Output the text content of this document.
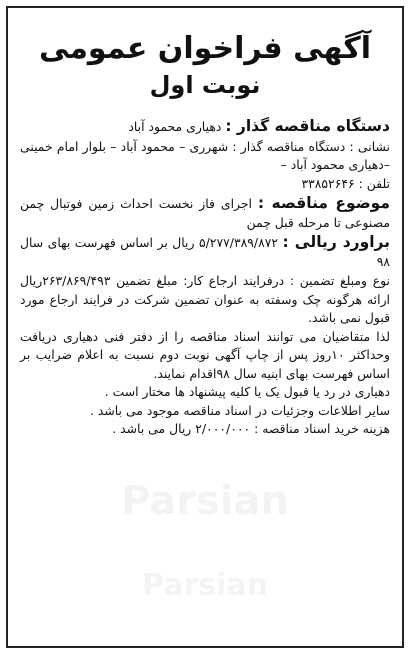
Parsian
Parsian
آگهی فراخوان عمومی
نوبت اول

دستگاه مناقصه گذار : دهیاری محمود آباد

نشانی : دستگاه مناقصه گذار : شهرری – محمود آباد – بلوار امام خمینی –دهیاری محمود آباد –

تلفن : ۳۳۸۵۲۶۴۶

موضوع مناقصه : اجرای فاز نخست احداث زمین فوتبال چمن مصنوعی تا مرحله قبل چمن

براورد ریالی : ۵/۲۷۷/۳۸۹/۸۷۲ ریال بر اساس فهرست بهای سال ۹۸

نوع ومبلغ تضمین : درفرایند ارجاع کار: مبلغ تضمین ۲۶۳/۸۶۹/۴۹۳ریال ارائه هرگونه چک وسفته به عنوان تضمین شرکت در فرایند ارجاع مورد قبول نمی باشد.

لذا متقاضیان می توانند اسناد مناقصه را از دفتر فنی دهیاری دریافت وحداکثر ۱۰روز پس از چاپ آگهی نوبت دوم نسبت به اعلام ضرایب بر اساس فهرست بهای ابنیه سال ۹۸اقدام نمایند.

دهیاری در رد یا قبول یک یا کلیه پیشنهاد ها مختار است .

سایر اطلاعات وجزئیات در اسناد مناقصه موجود می باشد .

هزینه خرید اسناد مناقصه : ۲/۰۰۰/۰۰۰ ریال می باشد .
